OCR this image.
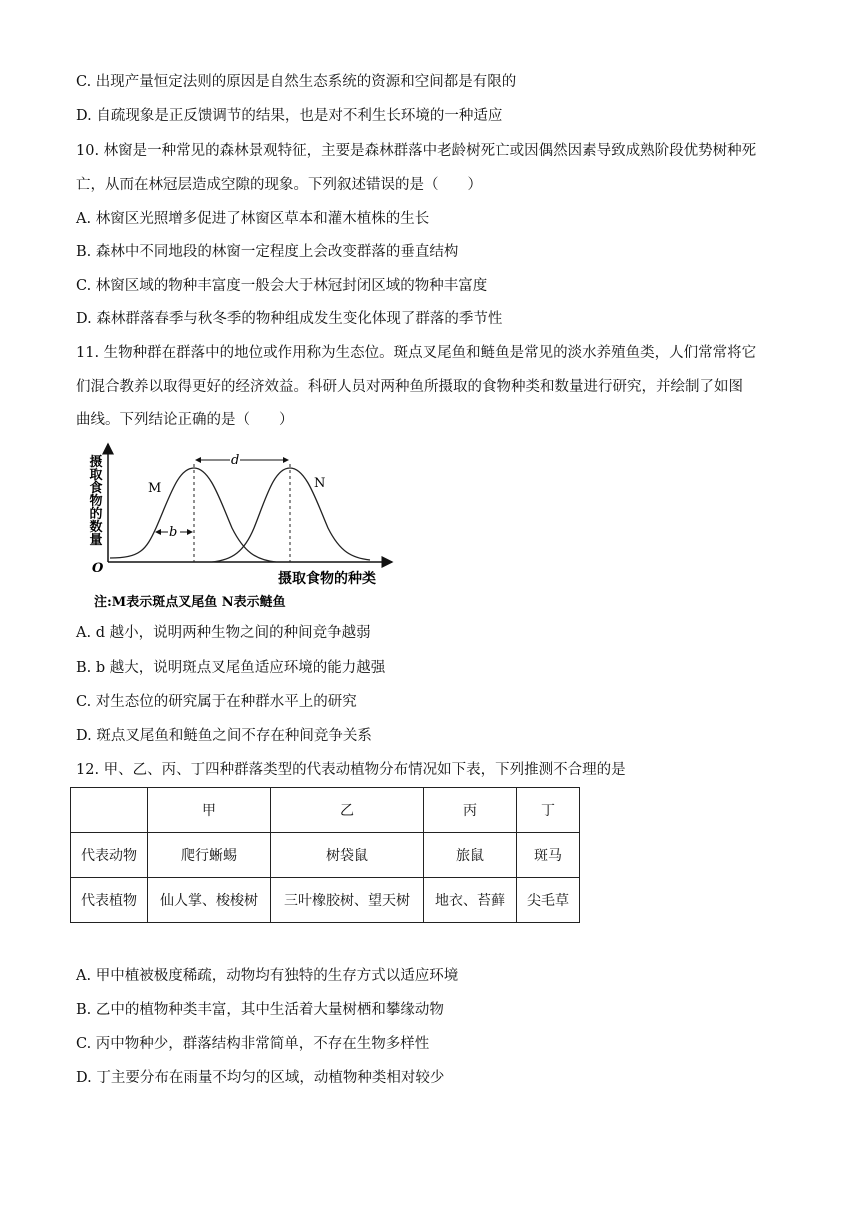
C. 出现产量恒定法则的原因是自然生态系统的资源和空间都是有限的
D. 自疏现象是正反馈调节的结果，也是对不利生长环境的一种适应
10. 林窗是一种常见的森林景观特征，主要是森林群落中老龄树死亡或因偶然因素导致成熟阶段优势树种死
亡，从而在林冠层造成空隙的现象。下列叙述错误的是（　　）
A. 林窗区光照增多促进了林窗区草本和灌木植株的生长
B. 森林中不同地段的林窗一定程度上会改变群落的垂直结构
C. 林窗区域的物种丰富度一般会大于林冠封闭区域的物种丰富度
D. 森林群落春季与秋冬季的物种组成发生变化体现了群落的季节性
11. 生物种群在群落中的地位或作用称为生态位。斑点叉尾鱼和鲢鱼是常见的淡水养殖鱼类，人们常常将它
们混合教养以取得更好的经济效益。科研人员对两种鱼所摄取的食物种类和数量进行研究，并绘制了如图
曲线。下列结论正确的是（　　）
摄取食物的数量
O
摄取食物的种类
d
b
M	N
注:M表示斑点叉尾鱼 N表示鲢鱼
A. d 越小，说明两种生物之间的种间竞争越弱
B. b 越大，说明斑点叉尾鱼适应环境的能力越强
C. 对生态位的研究属于在种群水平上的研究
D. 斑点叉尾鱼和鲢鱼之间不存在种间竞争关系
12. 甲、乙、丙、丁四种群落类型的代表动植物分布情况如下表，下列推测不合理的是
	甲	乙	丙	丁
代表动物	爬行蜥蜴	树袋鼠	旅鼠	斑马
代表植物	仙人掌、梭梭树	三叶橡胶树、望天树	地衣、苔藓	尖毛草
A. 甲中植被极度稀疏，动物均有独特的生存方式以适应环境
B. 乙中的植物种类丰富，其中生活着大量树栖和攀缘动物
C. 丙中物种少，群落结构非常简单，不存在生物多样性
D. 丁主要分布在雨量不均匀的区域，动植物种类相对较少
